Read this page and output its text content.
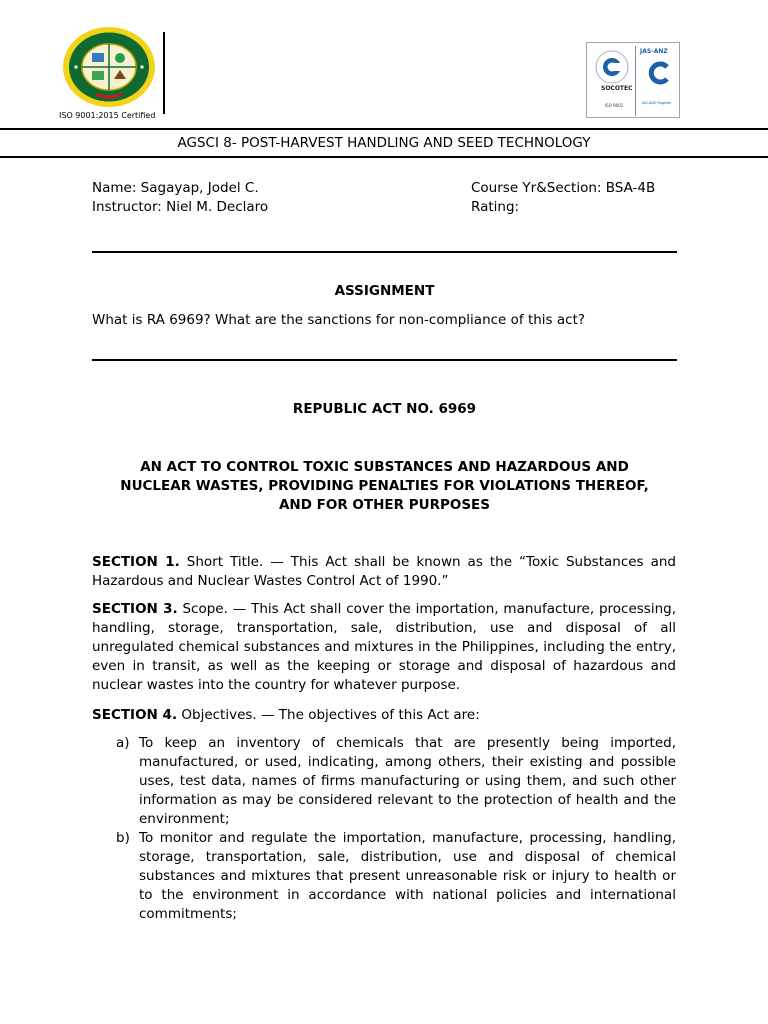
ISO 9001:2015 Certified
SOCOTEC
ISO 9001
JAS-ANZ
JAS-ANZ Register
AGSCI 8- POST-HARVEST HANDLING AND SEED TECHNOLOGY
Name: Sagayap, Jodel C.
Instructor: Niel M. Declaro
Course Yr&Section: BSA-4B
Rating:
ASSIGNMENT
What is RA 6969? What are the sanctions for non-compliance of this act?
REPUBLIC ACT NO. 6969
AN ACT TO CONTROL TOXIC SUBSTANCES AND HAZARDOUS AND
NUCLEAR WASTES, PROVIDING PENALTIES FOR VIOLATIONS THEREOF,
AND FOR OTHER PURPOSES
SECTION 1. Short Title. — This Act shall be known as the “Toxic Substances and Hazardous and Nuclear Wastes Control Act of 1990.”
SECTION 3. Scope. — This Act shall cover the importation, manufacture, processing, handling, storage, transportation, sale, distribution, use and disposal of all unregulated chemical substances and mixtures in the Philippines, including the entry, even in transit, as well as the keeping or storage and disposal of hazardous and nuclear wastes into the country for whatever purpose.
SECTION 4. Objectives. — The objectives of this Act are:
a) To keep an inventory of chemicals that are presently being imported, manufactured, or used, indicating, among others, their existing and possible uses, test data, names of firms manufacturing or using them, and such other information as may be considered relevant to the protection of health and the environment;
b) To monitor and regulate the importation, manufacture, processing, handling, storage, transportation, sale, distribution, use and disposal of chemical substances and mixtures that present unreasonable risk or injury to health or to the environment in accordance with national policies and international commitments;
